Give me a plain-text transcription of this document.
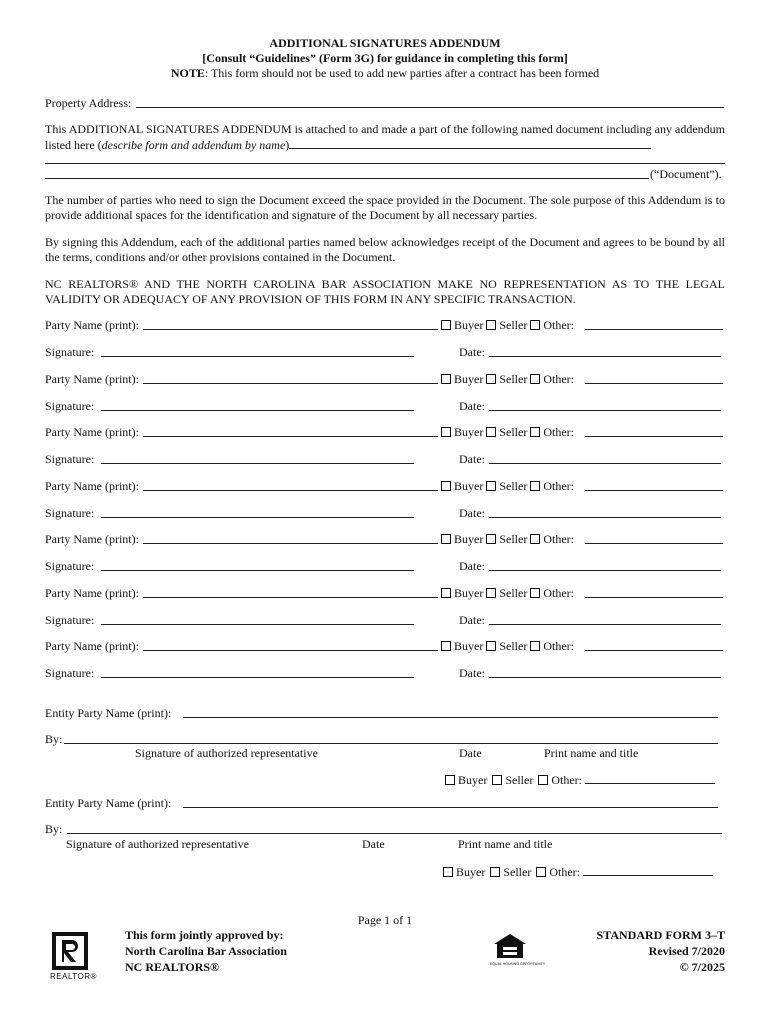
ADDITIONAL SIGNATURES ADDENDUM
[Consult “Guidelines” (Form 3G) for guidance in completing this form]
NOTE: This form should not be used to add new parties after a contract has been formed
Property Address:
This ADDITIONAL SIGNATURES ADDENDUM is attached to and made a part of the following named document including any addendum listed here (describe form and addendum by name)
(“Document”).
The number of parties who need to sign the Document exceed the space provided in the Document. The sole purpose of this Addendum is to provide additional spaces for the identification and signature of the Document by all necessary parties.
By signing this Addendum, each of the additional parties named below acknowledges receipt of the Document and agrees to be bound by all the terms, conditions and/or other provisions contained in the Document.
NC REALTORS® AND THE NORTH CAROLINA BAR ASSOCIATION MAKE NO REPRESENTATION AS TO THE LEGAL VALIDITY OR ADEQUACY OF ANY PROVISION OF THIS FORM IN ANY SPECIFIC TRANSACTION.
Party Name (print):	Buyer Seller Other:
Signature:	Date:
Party Name (print):	Buyer Seller Other:
Signature:	Date:
Party Name (print):	Buyer Seller Other:
Signature:	Date:
Party Name (print):	Buyer Seller Other:
Signature:	Date:
Party Name (print):	Buyer Seller Other:
Signature:	Date:
Party Name (print):	Buyer Seller Other:
Signature:	Date:
Party Name (print):	Buyer Seller Other:
Signature:	Date:
Entity Party Name (print):
By:
Signature of authorized representative	Date	Print name and title
Buyer Seller Other:
Entity Party Name (print):
By:
Signature of authorized representative	Date	Print name and title
Buyer Seller Other:
Page 1 of 1
REALTOR®
This form jointly approved by:
North Carolina Bar Association
NC REALTORS®	EQUAL HOUSING OPPORTUNITY
STANDARD FORM 3–T
Revised 7/2020
© 7/2025
